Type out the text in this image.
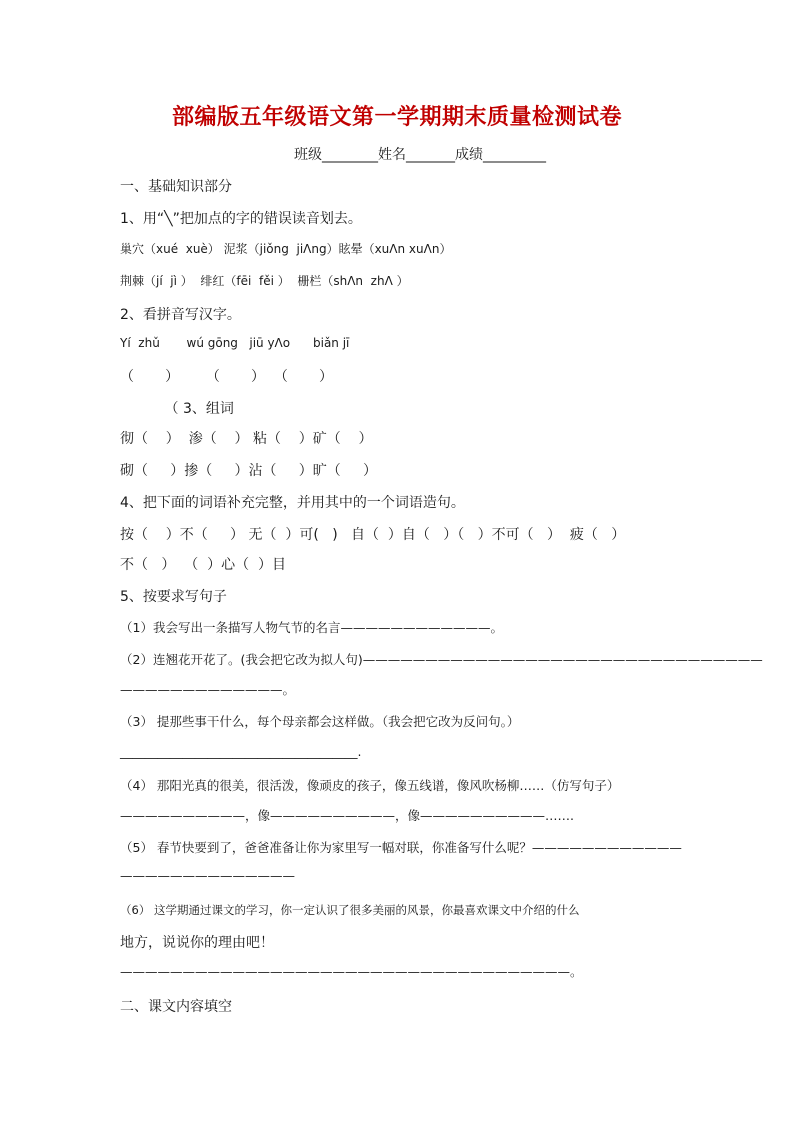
部编版五年级语文第一学期期末质量检测试卷
班级________姓名_______成绩_________
一、基础知识部分
1、用“╲”把加点的字的错误读音划去。
巢穴（xué  xuè） 泥浆（jiǒng  jiΛng）眩晕（xuΛn xuΛn）
荆棘（jí  jì ）  绯红（fēi  fěi ）  栅栏（shΛn  zhΛ ）
2、看拼音写汉字。
Yí  zhǔ       wú gōng   jiū yΛo      biǎn jī
（       ）      （       ）  （       ）
（ 3、组词
彻（    ）  渗（    ） 粘（    ）矿（    ）
砌（     ）掺（     ）沾（     ）旷（     ）
4、把下面的词语补充完整，并用其中的一个词语造句。
按（    ）不（     ） 无（  ）可(   )   自（  ）自（   ）（   ）不可（   ）  疲（   ）
不（   ）  （  ）心（  ）目
5、按要求写句子
（1）我会写出一条描写人物气节的名言————————————。
（2）连翘花开花了。(我会把它改为拟人句)————————————————————————————————
—————————————。
（3） 提那些事干什么，每个母亲都会这样做。（我会把它改为反问句。）
______________________________________.
（4） 那阳光真的很美，很活泼，像顽皮的孩子，像五线谱，像风吹杨柳……（仿写句子）
——————————，像——————————，像——————————…….
（5） 春节快要到了，爸爸准备让你为家里写一幅对联，你准备写什么呢？————————————
——————————————
（6） 这学期通过课文的学习，你一定认识了很多美丽的风景，你最喜欢课文中介绍的什么
地方，说说你的理由吧！
————————————————————————————————————。
二、课文内容填空
